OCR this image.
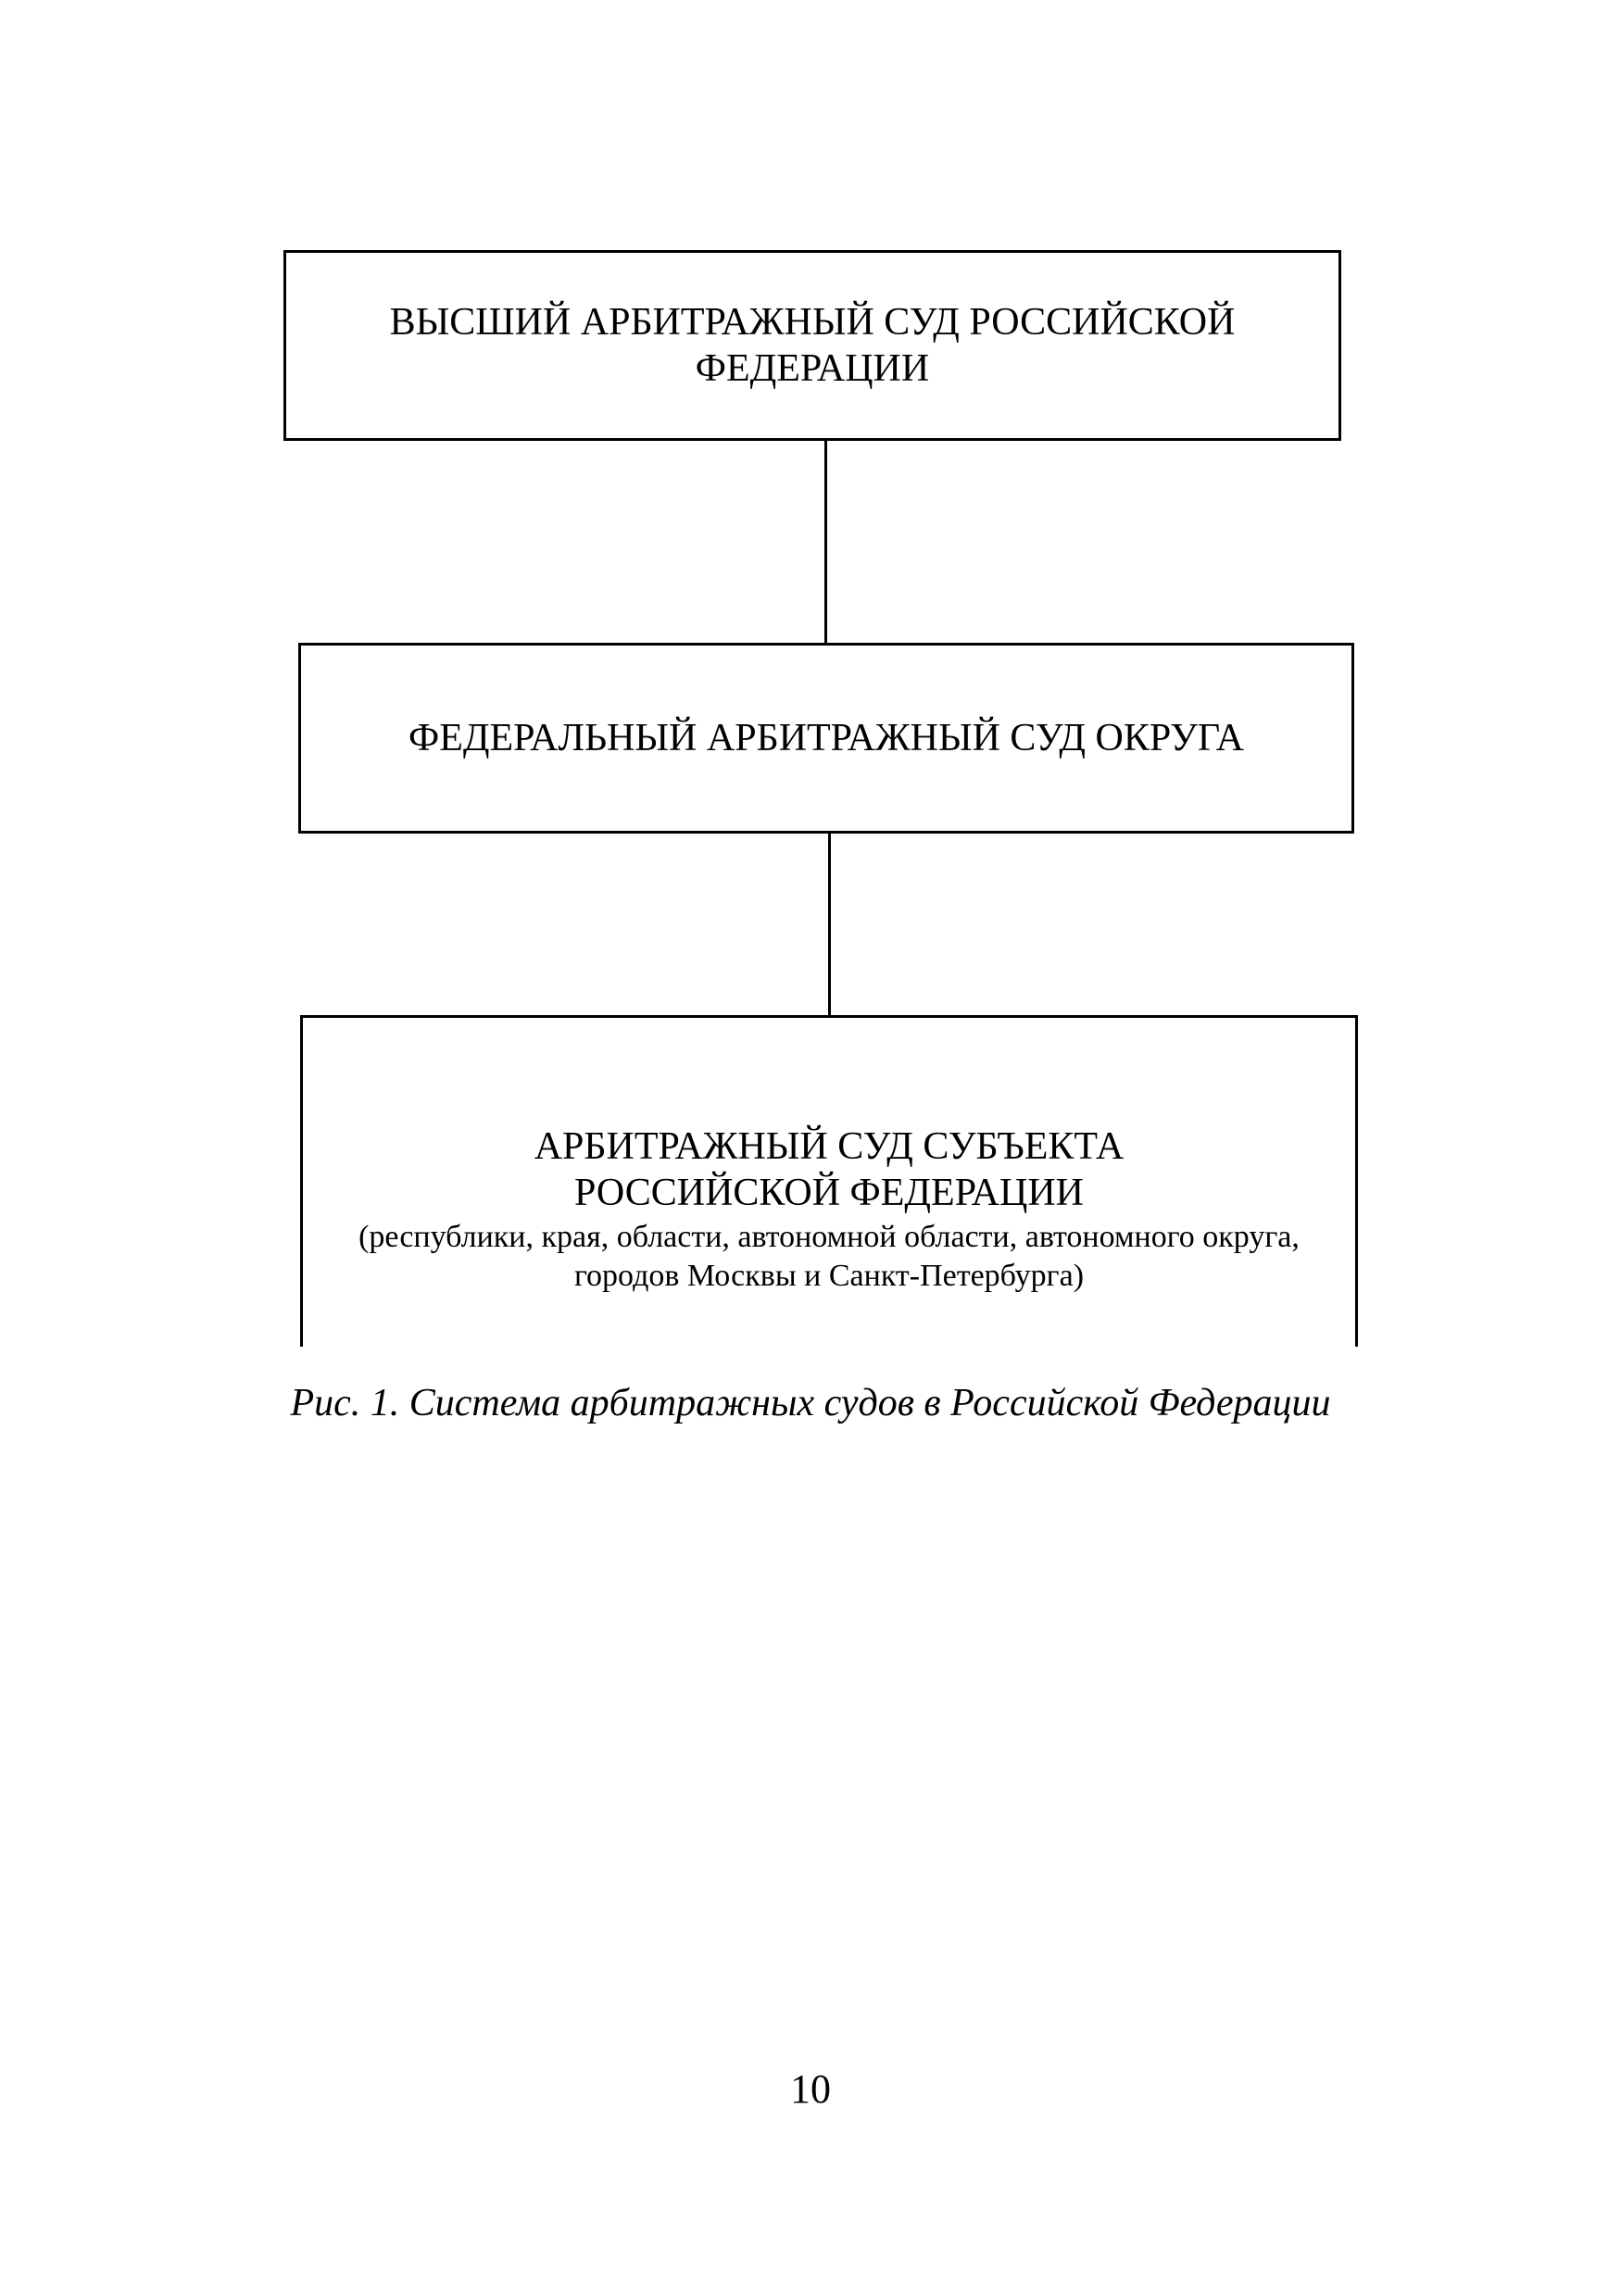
ВЫСШИЙ АРБИТРАЖНЫЙ СУД РОССИЙСКОЙ ФЕДЕРАЦИИ
ФЕДЕРАЛЬНЫЙ АРБИТРАЖНЫЙ СУД ОКРУГА
АРБИТРАЖНЫЙ СУД СУБЪЕКТА РОССИЙСКОЙ ФЕДЕРАЦИИ
(республики, края, области, автономной области, автономного округа, городов Москвы и Санкт-Петербурга)
Рис. 1. Система арбитражных судов в Российской Федерации
10
